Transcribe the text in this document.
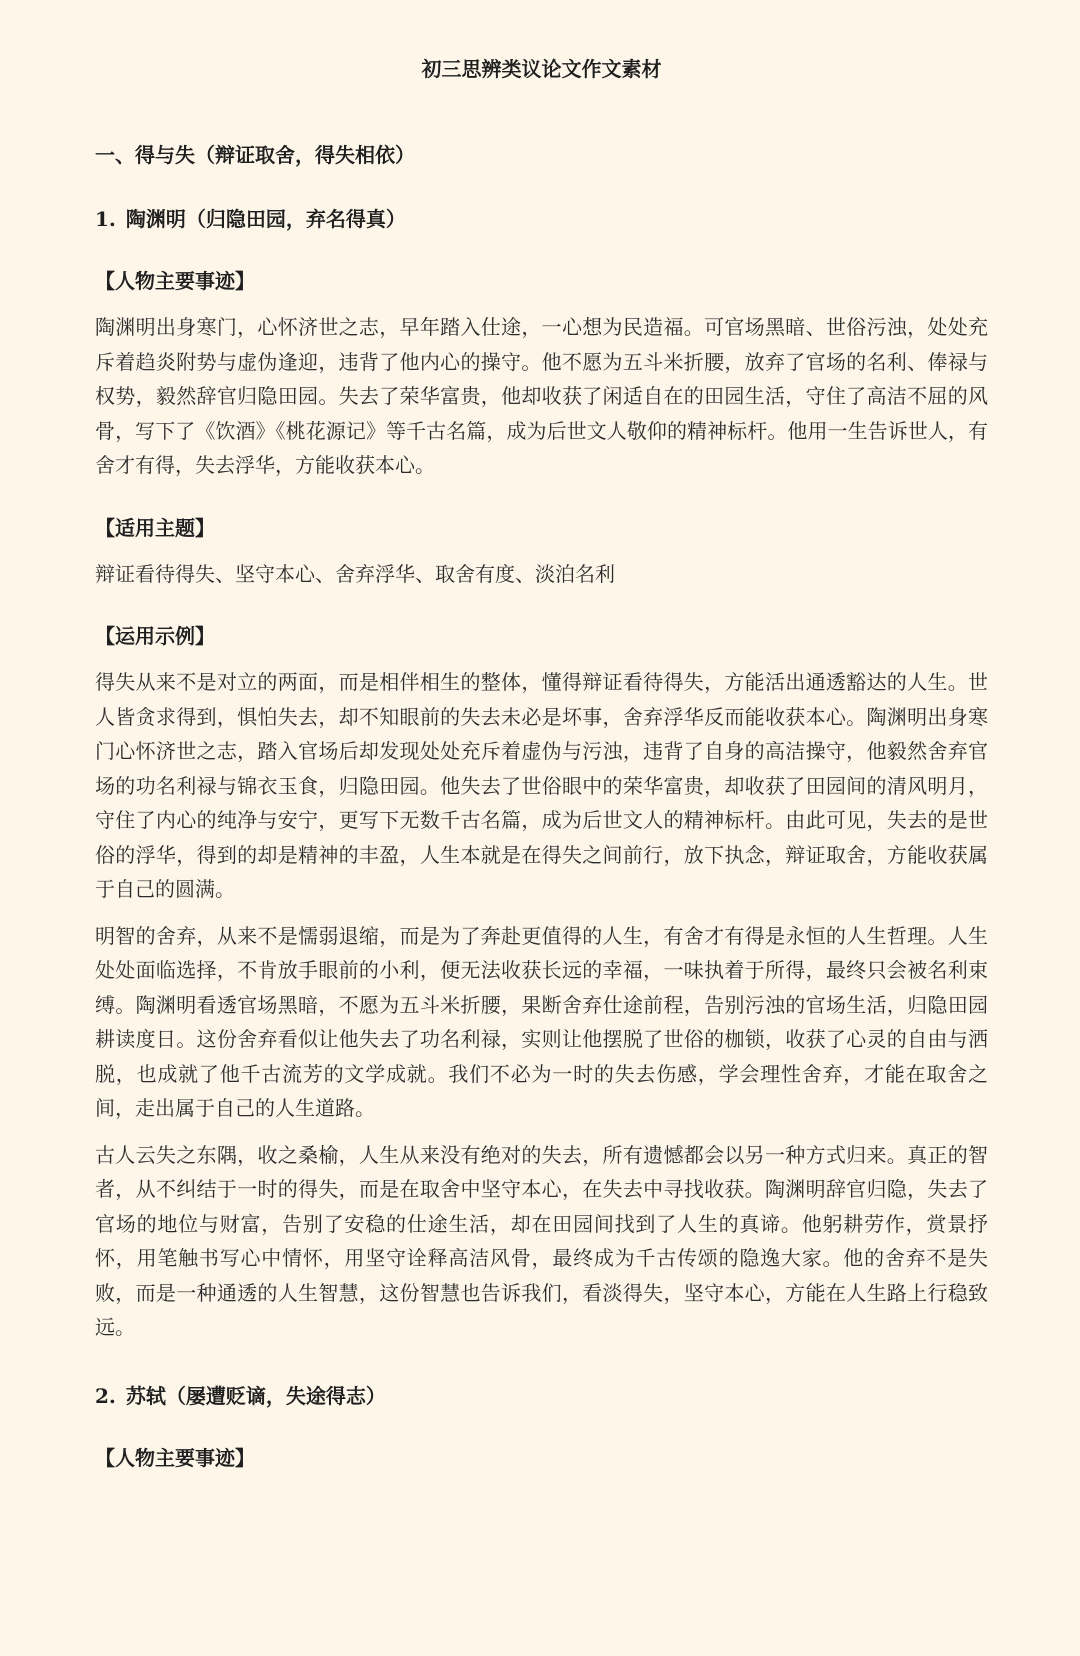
初三思辨类议论文作文素材
一、得与失（辩证取舍，得失相依）
1. 陶渊明（归隐田园，弃名得真）

【人物主要事迹】

陶渊明出身寒门，心怀济世之志，早年踏入仕途，一心想为民造福。可官场黑暗、世俗污浊，处处充斥着趋炎附势与虚伪逢迎，违背了他内心的操守。他不愿为五斗米折腰，放弃了官场的名利、俸禄与权势，毅然辞官归隐田园。失去了荣华富贵，他却收获了闲适自在的田园生活，守住了高洁不屈的风骨，写下了《饮酒》《桃花源记》等千古名篇，成为后世文人敬仰的精神标杆。他用一生告诉世人，有舍才有得，失去浮华，方能收获本心。

【适用主题】

辩证看待得失、坚守本心、舍弃浮华、取舍有度、淡泊名利

【运用示例】

得失从来不是对立的两面，而是相伴相生的整体，懂得辩证看待得失，方能活出通透豁达的人生。世人皆贪求得到，惧怕失去，却不知眼前的失去未必是坏事，舍弃浮华反而能收获本心。陶渊明出身寒门心怀济世之志，踏入官场后却发现处处充斥着虚伪与污浊，违背了自身的高洁操守，他毅然舍弃官场的功名利禄与锦衣玉食，归隐田园。他失去了世俗眼中的荣华富贵，却收获了田园间的清风明月，守住了内心的纯净与安宁，更写下无数千古名篇，成为后世文人的精神标杆。由此可见，失去的是世俗的浮华，得到的却是精神的丰盈，人生本就是在得失之间前行，放下执念，辩证取舍，方能收获属于自己的圆满。

明智的舍弃，从来不是懦弱退缩，而是为了奔赴更值得的人生，有舍才有得是永恒的人生哲理。人生处处面临选择，不肯放手眼前的小利，便无法收获长远的幸福，一味执着于所得，最终只会被名利束缚。陶渊明看透官场黑暗，不愿为五斗米折腰，果断舍弃仕途前程，告别污浊的官场生活，归隐田园耕读度日。这份舍弃看似让他失去了功名利禄，实则让他摆脱了世俗的枷锁，收获了心灵的自由与洒脱，也成就了他千古流芳的文学成就。我们不必为一时的失去伤感，学会理性舍弃，才能在取舍之间，走出属于自己的人生道路。

古人云失之东隅，收之桑榆，人生从来没有绝对的失去，所有遗憾都会以另一种方式归来。真正的智者，从不纠结于一时的得失，而是在取舍中坚守本心，在失去中寻找收获。陶渊明辞官归隐，失去了官场的地位与财富，告别了安稳的仕途生活，却在田园间找到了人生的真谛。他躬耕劳作，赏景抒怀，用笔触书写心中情怀，用坚守诠释高洁风骨，最终成为千古传颂的隐逸大家。他的舍弃不是失败，而是一种通透的人生智慧，这份智慧也告诉我们，看淡得失，坚守本心，方能在人生路上行稳致远。

2. 苏轼（屡遭贬谪，失途得志）

【人物主要事迹】
